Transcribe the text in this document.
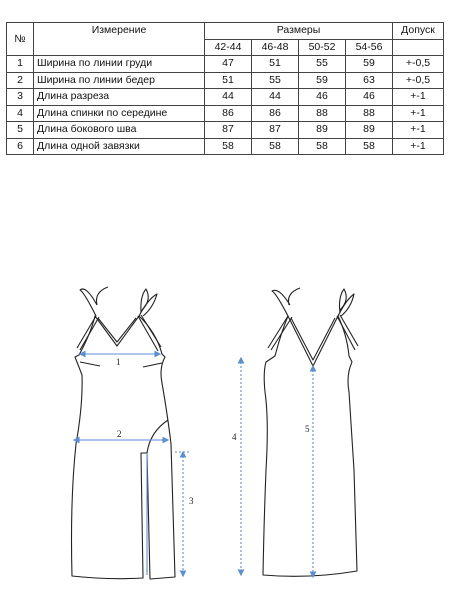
№	Измерение	Размеры				Допуск
		42-44	46-48	50-52	54-56	
1	Ширина по линии груди	47	51	55	59	+-0,5
2	Ширина по линии бедер	51	55	59	63	+-0,5
3	Длина разреза	44	44	46	46	+-1
4	Длина спинки по середине	86	86	88	88	+-1
5	Длина бокового шва	87	87	89	89	+-1
6	Длина одной завязки	58	58	58	58	+-1
1
2
3
4
5
